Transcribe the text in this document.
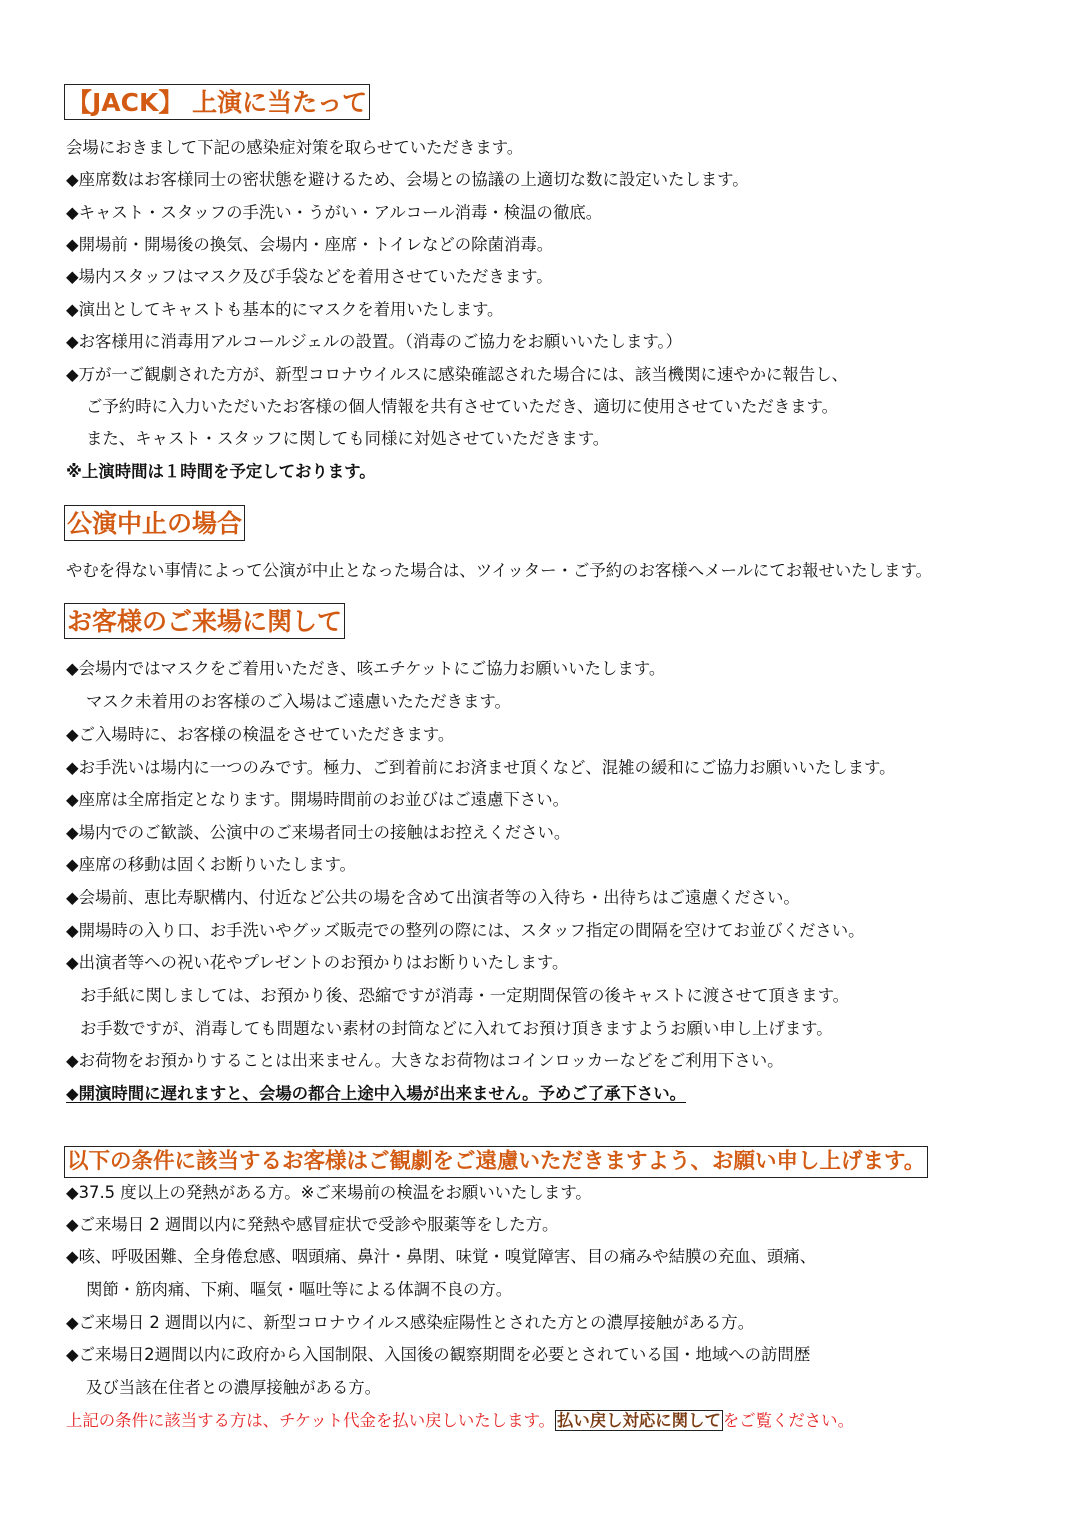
【JACK】 上演に当たって
会場におきまして下記の感染症対策を取らせていただきます。
◆座席数はお客様同士の密状態を避けるため、会場との協議の上適切な数に設定いたします。
◆キャスト・スタッフの手洗い・うがい・アルコール消毒・検温の徹底。
◆開場前・開場後の換気、会場内・座席・トイレなどの除菌消毒。
◆場内スタッフはマスク及び手袋などを着用させていただきます。
◆演出としてキャストも基本的にマスクを着用いたします。
◆お客様用に消毒用アルコールジェルの設置。（消毒のご協力をお願いいたします。）
◆万が一ご観劇された方が、新型コロナウイルスに感染確認された場合には、該当機関に速やかに報告し、
ご予約時に入力いただいたお客様の個人情報を共有させていただき、適切に使用させていただきます。
また、キャスト・スタッフに関しても同様に対処させていただきます。
※上演時間は１時間を予定しております。
公演中止の場合
やむを得ない事情によって公演が中止となった場合は、ツイッター・ご予約のお客様へメールにてお報せいたします。
お客様のご来場に関して
◆会場内ではマスクをご着用いただき、咳エチケットにご協力お願いいたします。
マスク未着用のお客様のご入場はご遠慮いたただきます。
◆ご入場時に、お客様の検温をさせていただきます。
◆お手洗いは場内に一つのみです。極力、ご到着前にお済ませ頂くなど、混雑の緩和にご協力お願いいたします。
◆座席は全席指定となります。開場時間前のお並びはご遠慮下さい。
◆場内でのご歓談、公演中のご来場者同士の接触はお控えください。
◆座席の移動は固くお断りいたします。
◆会場前、恵比寿駅構内、付近など公共の場を含めて出演者等の入待ち・出待ちはご遠慮ください。
◆開場時の入り口、お手洗いやグッズ販売での整列の際には、スタッフ指定の間隔を空けてお並びください。
◆出演者等への祝い花やプレゼントのお預かりはお断りいたします。
お手紙に関しましては、お預かり後、恐縮ですが消毒・一定期間保管の後キャストに渡させて頂きます。
お手数ですが、消毒しても問題ない素材の封筒などに入れてお預け頂きますようお願い申し上げます。
◆お荷物をお預かりすることは出来ません。大きなお荷物はコインロッカーなどをご利用下さい。
◆開演時間に遅れますと、会場の都合上途中入場が出来ません。予めご了承下さい。
以下の条件に該当するお客様はご観劇をご遠慮いただきますよう、お願い申し上げます。
◆37.5 度以上の発熱がある方。※ご来場前の検温をお願いいたします。
◆ご来場日 2 週間以内に発熱や感冒症状で受診や服薬等をした方。
◆咳、呼吸困難、全身倦怠感、咽頭痛、鼻汁・鼻閉、味覚・嗅覚障害、目の痛みや結膜の充血、頭痛、
関節・筋肉痛、下痢、嘔気・嘔吐等による体調不良の方。
◆ご来場日 2 週間以内に、新型コロナウイルス感染症陽性とされた方との濃厚接触がある方。
◆ご来場日2週間以内に政府から入国制限、入国後の観察期間を必要とされている国・地域への訪問歴
及び当該在住者との濃厚接触がある方。
上記の条件に該当する方は、チケット代金を払い戻しいたします。 払い戻し対応に関して をご覧ください。
